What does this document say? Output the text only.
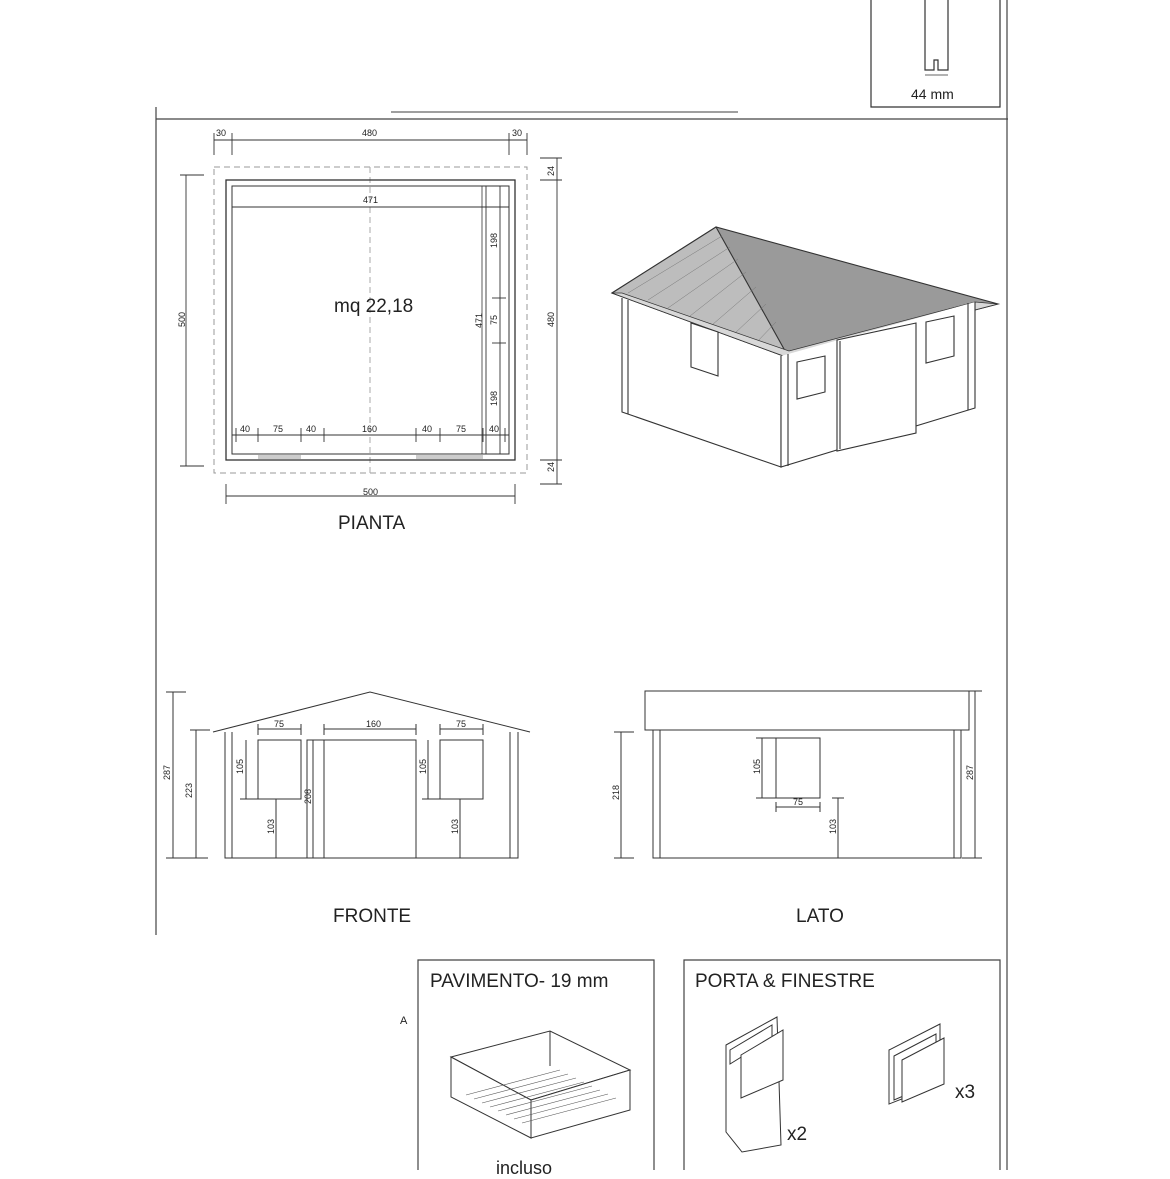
44 mm
30	480	30
471
500	480
24
24
198
75
198
471
40	75	40	160	40	75	40
500
287
223
75	160	75
105
208
105
103	103
218
105
75
103
287
mq 22,18
PIANTA
FRONTE	LATO
A
PAVIMENTO- 19 mm
incluso
PORTA & FINESTRE
x2
x3
